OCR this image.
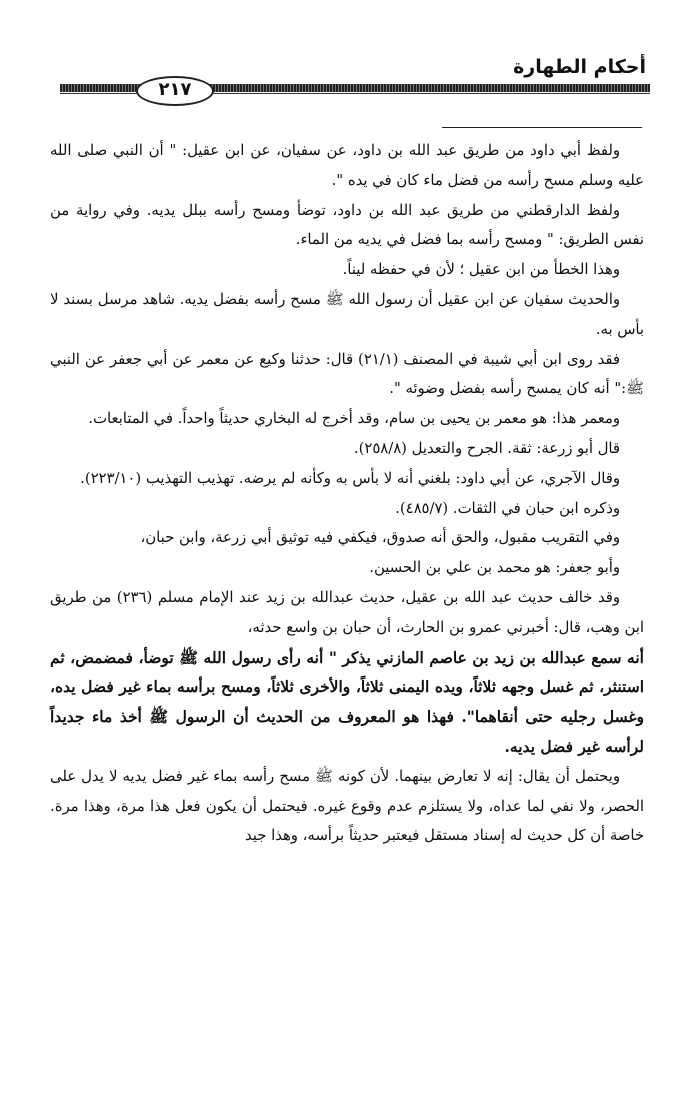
أحكام الطهارة
٢١٧

ولفظ أبي داود من طريق عبد الله بن داود، عن سفيان، عن ابن عقيل: " أن النبي صلى الله عليه وسلم مسح رأسه من فضل ماء كان في يده ".

ولفظ الدارقطني من طريق عبد الله بن داود، توضأ ومسح رأسه ببلل يديه. وفي رواية من نفس الطريق: " ومسح رأسه بما فضل في يديه من الماء.

وهذا الخطأ من ابن عقيل ؛ لأن في حفظه ليناً.

والحديث سفيان عن ابن عقيل أن رسول الله ﷺ مسح رأسه بفضل يديه. شاهد مرسل بسند لا بأس به.

فقد روى ابن أبي شيبة في المصنف (٢١/١) قال: حدثنا وكيع عن معمر عن أبي جعفر عن النبي ﷺ:" أنه كان يمسح رأسه بفضل وضوئه ".

ومعمر هذا: هو معمر بن يحيى بن سام، وقد أخرج له البخاري حديثاً واحداً. في المتابعات.

قال أبو زرعة: ثقة. الجرح والتعديل (٢٥٨/٨).

وقال الآجري، عن أبي داود: بلغني أنه لا بأس به وكأنه لم يرضه. تهذيب التهذيب (٢٢٣/١٠).

وذكره ابن حبان في الثقات. (٤٨٥/٧).

وفي التقريب مقبول، والحق أنه صدوق، فيكفي فيه توثيق أبي زرعة، وابن حبان،

وأبو جعفر: هو محمد بن علي بن الحسين.

وقد خالف حديث عبد الله بن عقيل، حديث عبدالله بن زيد عند الإمام مسلم (٢٣٦) من طريق ابن وهب، قال: أخبرني عمرو بن الحارث، أن حبان بن واسع حدثه،

أنه سمع عبدالله بن زيد بن عاصم المازني يذكر " أنه رأى رسول الله ﷺ توضأ، فمضمض، ثم استنثر، ثم غسل وجهه ثلاثاً، ويده اليمنى ثلاثاً، والأخرى ثلاثاً، ومسح برأسه بماء غير فضل يده، وغسل رجليه حتى أنقاهما". فهذا هو المعروف من الحديث أن الرسول ﷺ أخذ ماء جديداً لرأسه غير فضل يديه.

ويحتمل أن يقال: إنه لا تعارض بينهما. لأن كونه ﷺ مسح رأسه بماء غير فضل يديه لا يدل على الحصر، ولا نفي لما عداه، ولا يستلزم عدم وقوع غيره. فيحتمل أن يكون فعل هذا مرة، وهذا مرة. خاصة أن كل حديث له إسناد مستقل فيعتبر حديثاً برأسه، وهذا جيد
